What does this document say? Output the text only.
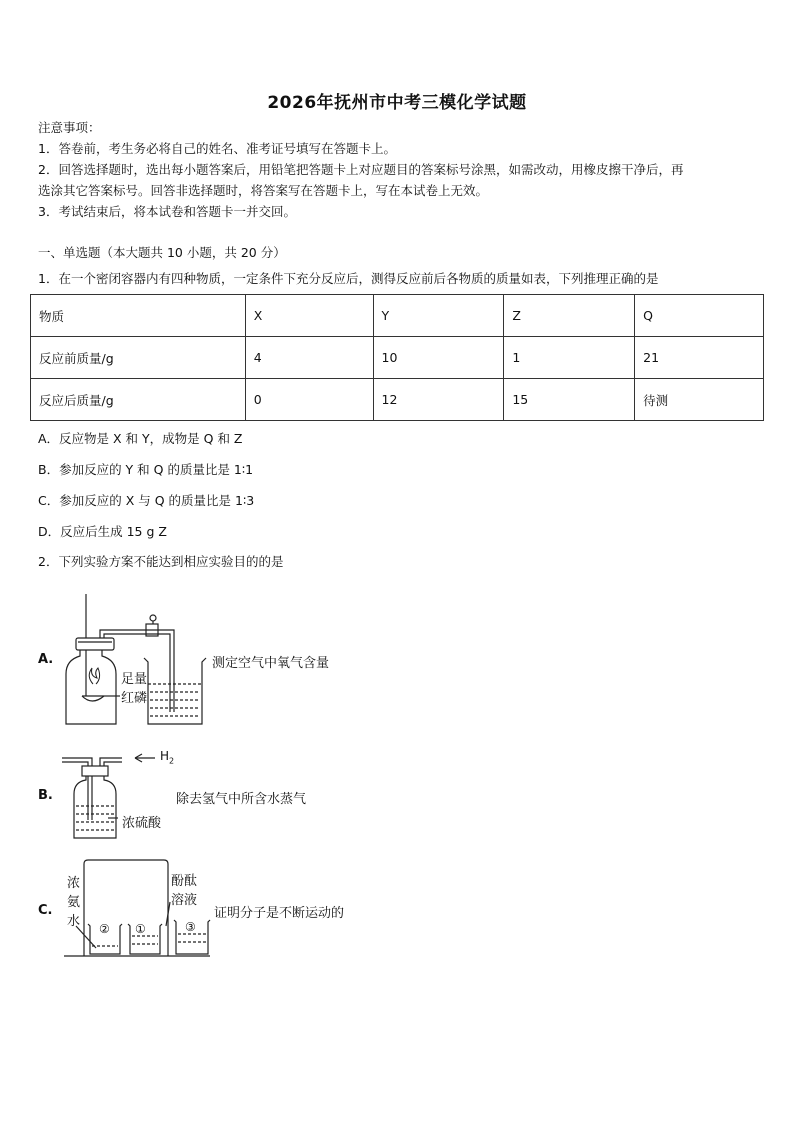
2026年抚州市中考三模化学试题
注意事项：
1．答卷前，考生务必将自己的姓名、准考证号填写在答题卡上。
2．回答选择题时，选出每小题答案后，用铅笔把答题卡上对应题目的答案标号涂黑，如需改动，用橡皮擦干净后，再
选涂其它答案标号。回答非选择题时，将答案写在答题卡上，写在本试卷上无效。
3．考试结束后，将本试卷和答题卡一并交回。
一、单选题（本大题共 10 小题，共 20 分）
1．在一个密闭容器内有四种物质，一定条件下充分反应后，测得反应前后各物质的质量如表，下列推理正确的是
物质	X	Y	Z	Q
反应前质量/g	4	10	1	21
反应后质量/g	0	12	15	待测
A．反应物是 X 和 Y，成物是 Q 和 Z
B．参加反应的 Y 和 Q 的质量比是 1∶1
C．参加反应的 X 与 Q 的质量比是 1∶3
D．反应后生成 15 g Z
2．下列实验方案不能达到相应实验目的的是
A.
足量
红磷
测定空气中氧气含量
B.
$H_2$
浓硫酸
除去氢气中所含水蒸气
C.
浓
氨
水
酚酞
溶液
② ①	③
证明分子是不断运动的
